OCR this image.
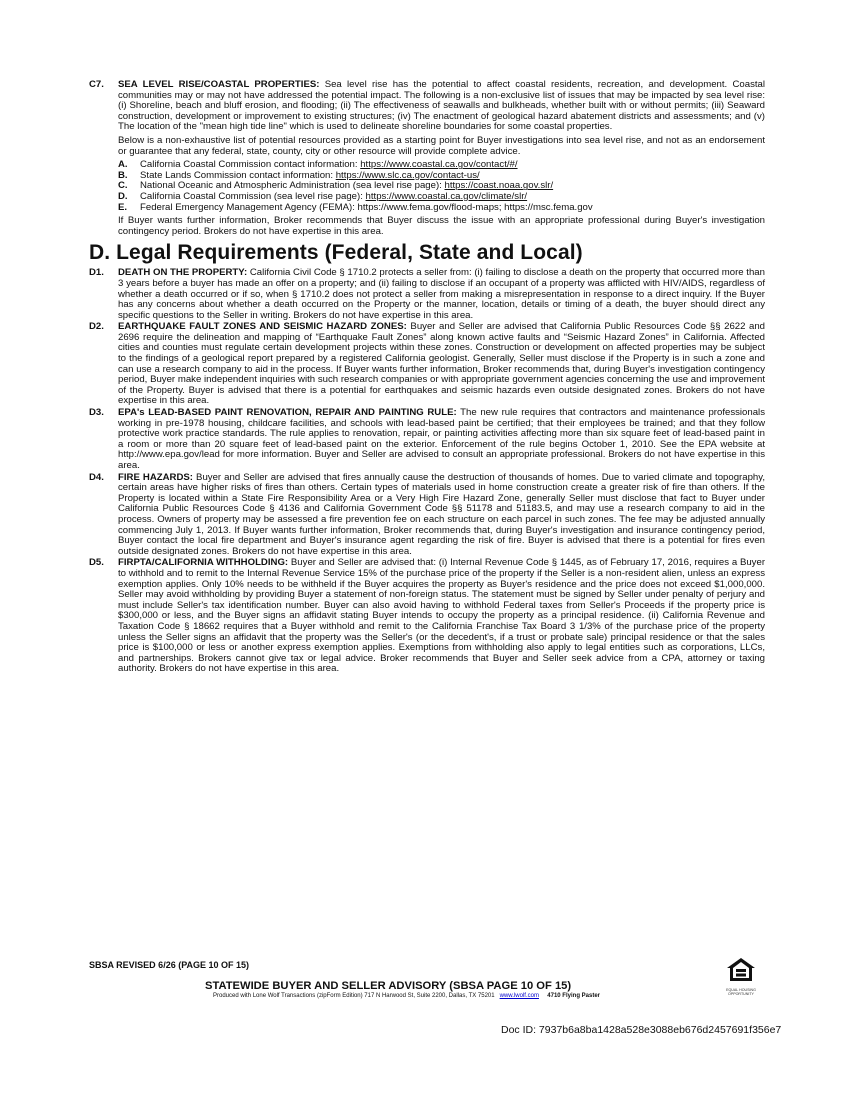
C7.	SEA LEVEL RISE/COASTAL PROPERTIES: Sea level rise has the potential to affect coastal residents, recreation, and development. Coastal communities may or may not have addressed the potential impact. The following is a non-exclusive list of issues that may be impacted by sea level rise: (i) Shoreline, beach and bluff erosion, and flooding; (ii) The effectiveness of seawalls and bulkheads, whether built with or without permits; (iii) Seaward construction, development or improvement to existing structures; (iv) The enactment of geological hazard abatement districts and assessments; and (v) The location of the "mean high tide line" which is used to delineate shoreline boundaries for some coastal properties.

Below is a non-exhaustive list of potential resources provided as a starting point for Buyer investigations into sea level rise, and not as an endorsement or guarantee that any federal, state, county, city or other resource will provide complete advice.

A.	California Coastal Commission contact information: https://www.coastal.ca.gov/contact/#/
B.	State Lands Commission contact information: https://www.slc.ca.gov/contact-us/
C.	National Oceanic and Atmospheric Administration (sea level rise page): https://coast.noaa.gov.slr/
D.	California Coastal Commission (sea level rise page): https://www.coastal.ca.gov/climate/slr/
E.	Federal Emergency Management Agency (FEMA): https://www.fema.gov/flood-maps; https://msc.fema.gov

If Buyer wants further information, Broker recommends that Buyer discuss the issue with an appropriate professional during Buyer's investigation contingency period. Brokers do not have expertise in this area.

D. Legal Requirements (Federal, State and Local)
D1.	DEATH ON THE PROPERTY: California Civil Code § 1710.2 protects a seller from: (i) failing to disclose a death on the property that occurred more than 3 years before a buyer has made an offer on a property; and (ii) failing to disclose if an occupant of a property was afflicted with HIV/AIDS, regardless of whether a death occurred or if so, when § 1710.2 does not protect a seller from making a misrepresentation in response to a direct inquiry. If the Buyer has any concerns about whether a death occurred on the Property or the manner, location, details or timing of a death, the buyer should direct any specific questions to the Seller in writing. Brokers do not have expertise in this area.
D2.	EARTHQUAKE FAULT ZONES AND SEISMIC HAZARD ZONES: Buyer and Seller are advised that California Public Resources Code §§ 2622 and 2696 require the delineation and mapping of “Earthquake Fault Zones” along known active faults and “Seismic Hazard Zones” in California. Affected cities and counties must regulate certain development projects within these zones. Construction or development on affected properties may be subject to the findings of a geological report prepared by a registered California geologist. Generally, Seller must disclose if the Property is in such a zone and can use a research company to aid in the process. If Buyer wants further information, Broker recommends that, during Buyer's investigation contingency period, Buyer make independent inquiries with such research companies or with appropriate government agencies concerning the use and improvement of the Property. Buyer is advised that there is a potential for earthquakes and seismic hazards even outside designated zones. Brokers do not have expertise in this area.
D3.	EPA's LEAD-BASED PAINT RENOVATION, REPAIR AND PAINTING RULE: The new rule requires that contractors and maintenance professionals working in pre-1978 housing, childcare facilities, and schools with lead-based paint be certified; that their employees be trained; and that they follow protective work practice standards. The rule applies to renovation, repair, or painting activities affecting more than six square feet of lead-based paint in a room or more than 20 square feet of lead-based paint on the exterior. Enforcement of the rule begins October 1, 2010. See the EPA website at http://www.epa.gov/lead for more information. Buyer and Seller are advised to consult an appropriate professional. Brokers do not have expertise in this area.
D4.	FIRE HAZARDS: Buyer and Seller are advised that fires annually cause the destruction of thousands of homes. Due to varied climate and topography, certain areas have higher risks of fires than others. Certain types of materials used in home construction create a greater risk of fire than others. If the Property is located within a State Fire Responsibility Area or a Very High Fire Hazard Zone, generally Seller must disclose that fact to Buyer under California Public Resources Code § 4136 and California Government Code §§ 51178 and 51183.5, and may use a research company to aid in the process. Owners of property may be assessed a fire prevention fee on each structure on each parcel in such zones. The fee may be adjusted annually commencing July 1, 2013. If Buyer wants further information, Broker recommends that, during Buyer's investigation and insurance contingency period, Buyer contact the local fire department and Buyer's insurance agent regarding the risk of fire. Buyer is advised that there is a potential for fires even outside designated zones. Brokers do not have expertise in this area.
D5.	FIRPTA/CALIFORNIA WITHHOLDING: Buyer and Seller are advised that: (i) Internal Revenue Code § 1445, as of February 17, 2016, requires a Buyer to withhold and to remit to the Internal Revenue Service 15% of the purchase price of the property if the Seller is a non-resident alien, unless an express exemption applies. Only 10% needs to be withheld if the Buyer acquires the property as Buyer's residence and the price does not exceed $1,000,000. Seller may avoid withholding by providing Buyer a statement of non-foreign status. The statement must be signed by Seller under penalty of perjury and must include Seller's tax identification number. Buyer can also avoid having to withhold Federal taxes from Seller's Proceeds if the property price is $300,000 or less, and the Buyer signs an affidavit stating Buyer intends to occupy the property as a principal residence. (ii) California Revenue and Taxation Code § 18662 requires that a Buyer withhold and remit to the California Franchise Tax Board 3 1/3% of the purchase price of the property unless the Seller signs an affidavit that the property was the Seller's (or the decedent's, if a trust or probate sale) principal residence or that the sales price is $100,000 or less or another express exemption applies. Exemptions from withholding also apply to legal entities such as corporations, LLCs, and partnerships. Brokers cannot give tax or legal advice. Broker recommends that Buyer and Seller seek advice from a CPA, attorney or taxing authority. Brokers do not have expertise in this area.
SBSA REVISED 6/26 (PAGE 10 OF 15)
STATEWIDE BUYER AND SELLER ADVISORY (SBSA PAGE 10 OF 15)
Produced with Lone Wolf Transactions (zipForm Edition) 717 N Harwood St, Suite 2200, Dallas, TX 75201 www.lwolf.com 4710 Flying Paster
EQUAL HOUSING OPPORTUNITY
Doc ID: 7937b6a8ba1428a528e3088eb676d2457691f356e7
